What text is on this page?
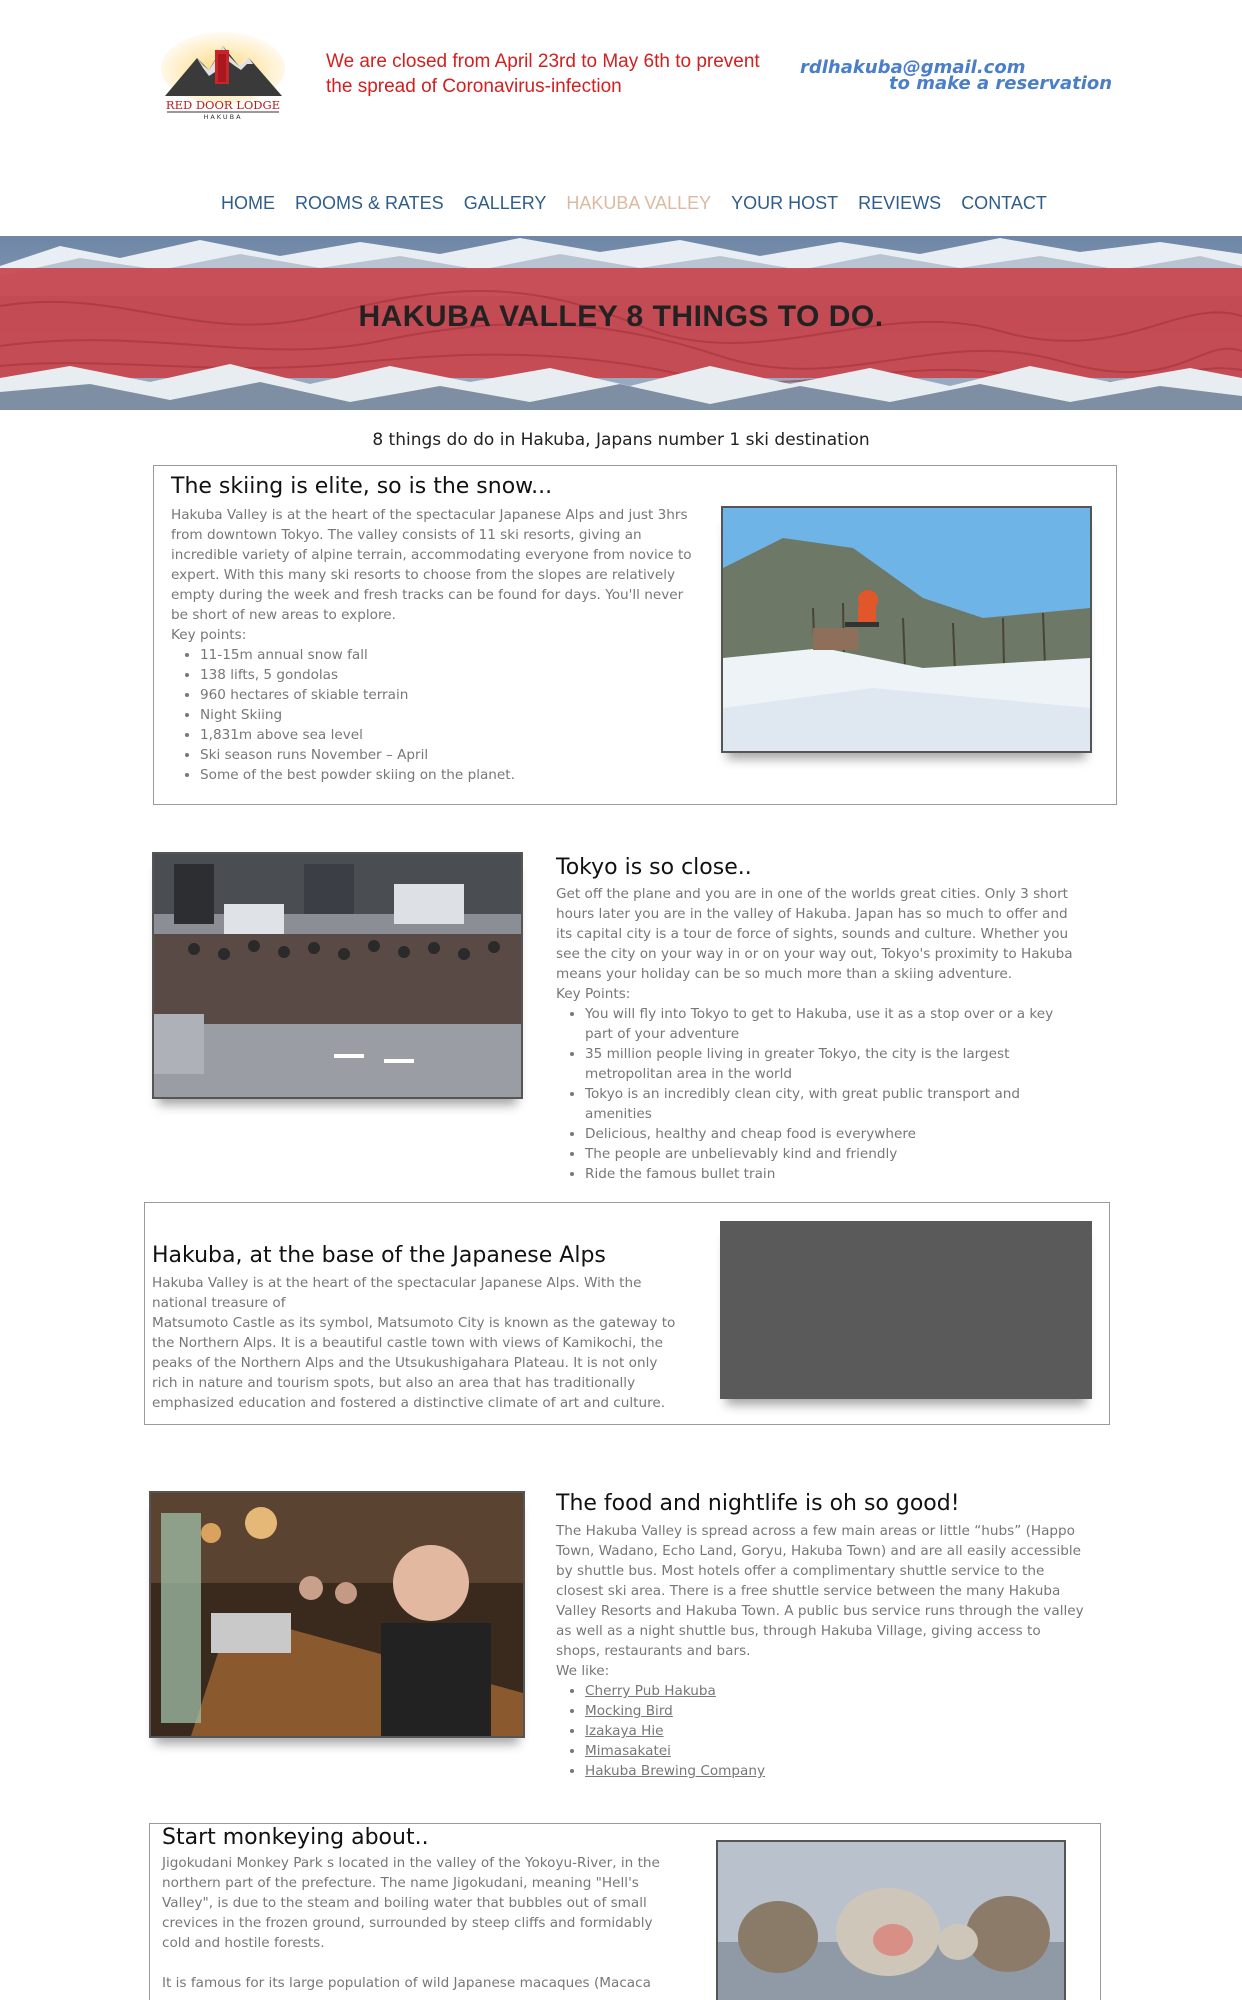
RED DOOR LODGE
HAKUBA
We are closed from April 23rd to May 6th to prevent the spread of Coronavirus-infection
rdlhakuba@gmail.com
to make a reservation
HOME ROOMS & RATES GALLERY HAKUBA VALLEY YOUR HOST REVIEWS CONTACT
HAKUBA VALLEY 8 THINGS TO DO.
8 things do do in Hakuba, Japans number 1 ski destination
The skiing is elite, so is the snow...

Hakuba Valley is at the heart of the spectacular Japanese Alps and just 3hrs from downtown Tokyo. The valley consists of 11 ski resorts, giving an incredible variety of alpine terrain, accommodating everyone from novice to expert. With this many ski resorts to choose from the slopes are relatively empty during the week and fresh tracks can be found for days. You'll never be short of new areas to explore.

Key points:

• 11-15m annual snow fall
• 138 lifts, 5 gondolas
• 960 hectares of skiable terrain
• Night Skiing
• 1,831m above sea level
• Ski season runs November – April
• Some of the best powder skiing on the planet.
Tokyo is so close..

Get off the plane and you are in one of the worlds great cities. Only 3 short hours later you are in the valley of Hakuba. Japan has so much to offer and its capital city is a tour de force of sights, sounds and culture. Whether you see the city on your way in or on your way out, Tokyo's proximity to Hakuba means your holiday can be so much more than a skiing adventure.

Key Points:

• You will fly into Tokyo to get to Hakuba, use it as a stop over or a key part of your adventure
• 35 million people living in greater Tokyo, the city is the largest metropolitan area in the world
• Tokyo is an incredibly clean city, with great public transport and amenities
• Delicious, healthy and cheap food is everywhere
• The people are unbelievably kind and friendly
• Ride the famous bullet train
Hakuba, at the base of the Japanese Alps

Hakuba Valley is at the heart of the spectacular Japanese Alps. With the national treasure of

Matsumoto Castle as its symbol, Matsumoto City is known as the gateway to the Northern Alps. It is a beautiful castle town with views of Kamikochi, the peaks of the Northern Alps and the Utsukushigahara Plateau. It is not only rich in nature and tourism spots, but also an area that has traditionally emphasized education and fostered a distinctive climate of art and culture.

The food and nightlife is oh so good!

The Hakuba Valley is spread across a few main areas or little “hubs” (Happo Town, Wadano, Echo Land, Goryu, Hakuba Town) and are all easily accessible by shuttle bus. Most hotels offer a complimentary shuttle service to the closest ski area. There is a free shuttle service between the many Hakuba Valley Resorts and Hakuba Town. A public bus service runs through the valley as well as a night shuttle bus, through Hakuba Village, giving access to shops, restaurants and bars.

We like:

• Cherry Pub Hakuba
• Mocking Bird
• Izakaya Hie
• Mimasakatei
• Hakuba Brewing Company
Start monkeying about..

Jigokudani Monkey Park s located in the valley of the Yokoyu-River, in the northern part of the prefecture. The name Jigokudani, meaning "Hell's Valley", is due to the steam and boiling water that bubbles out of small crevices in the frozen ground, surrounded by steep cliffs and formidably cold and hostile forests.

It is famous for its large population of wild Japanese macaques (Macaca
